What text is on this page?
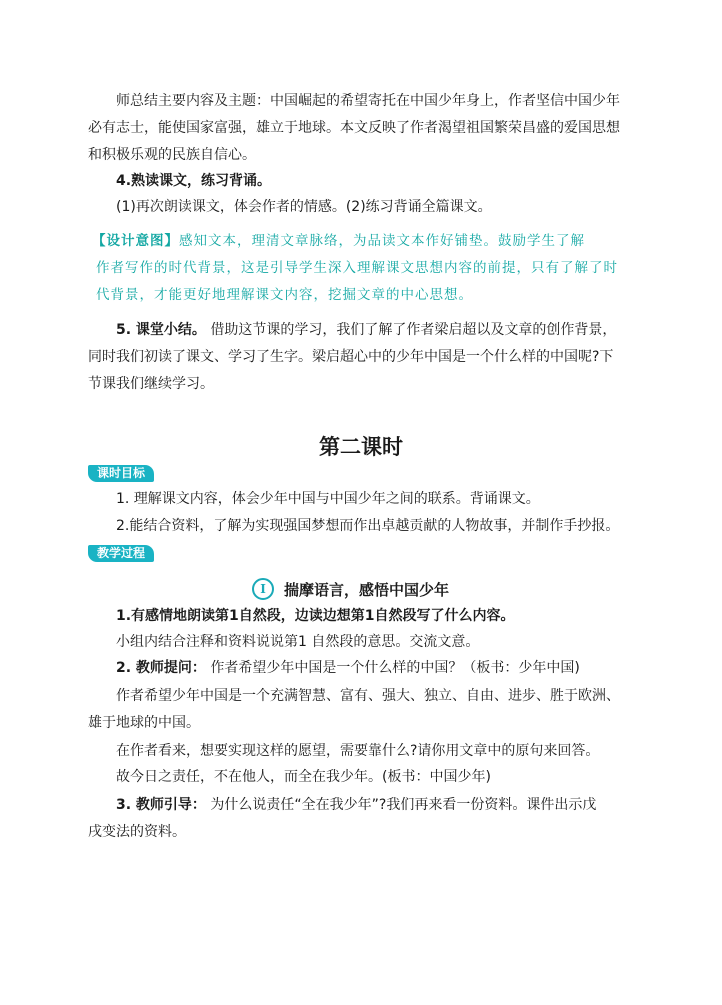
师总结主要内容及主题：中国崛起的希望寄托在中国少年身上，作者坚信中国少年
必有志士，能使国家富强，雄立于地球。本文反映了作者渴望祖国繁荣昌盛的爱国思想
和积极乐观的民族自信心。
4.熟读课文，练习背诵。
(1)再次朗读课文，体会作者的情感。(2)练习背诵全篇课文。
【设计意图】感知文本，理清文章脉络，为品读文本作好铺垫。鼓励学生了解
作者写作的时代背景，这是引导学生深入理解课文思想内容的前提，只有了解了时
代背景，才能更好地理解课文内容，挖掘文章的中心思想。
5. 课堂小结。 借助这节课的学习，我们了解了作者梁启超以及文章的创作背景，
同时我们初读了课文、学习了生字。梁启超心中的少年中国是一个什么样的中国呢?下
节课我们继续学习。
第二课时
课时目标
1. 理解课文内容，体会少年中国与中国少年之间的联系。背诵课文。
2.能结合资料，了解为实现强国梦想而作出卓越贡献的人物故事，并制作手抄报。
教学过程
Ⅰ	揣摩语言，感悟中国少年
1.有感情地朗读第1自然段，边读边想第1自然段写了什么内容。
小组内结合注释和资料说说第1 自然段的意思。交流文意。
2. 教师提问： 作者希望少年中国是一个什么样的中国？（板书：少年中国)
作者希望少年中国是一个充满智慧、富有、强大、独立、自由、进步、胜于欧洲、
雄于地球的中国。
在作者看来，想要实现这样的愿望，需要靠什么?请你用文章中的原句来回答。
故今日之责任，不在他人，而全在我少年。(板书：中国少年)
3. 教师引导： 为什么说责任“全在我少年”?我们再来看一份资料。课件出示戊
戌变法的资料。
